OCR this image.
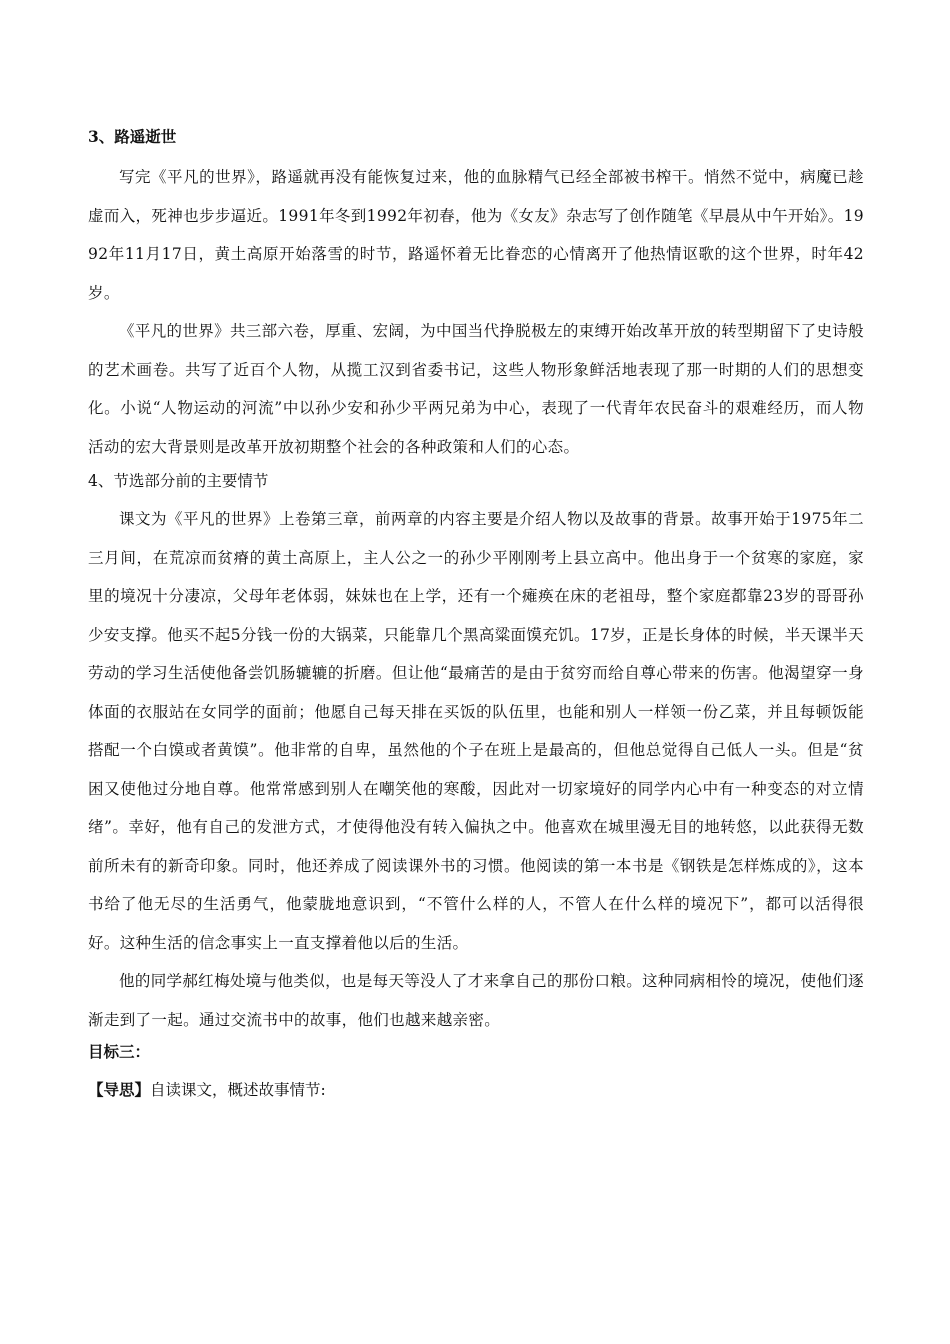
3、路遥逝世

写完《平凡的世界》，路遥就再没有能恢复过来，他的血脉精气已经全部被书榨干。悄然不觉中，病魔已趁虚而入，死神也步步逼近。1991年冬到1992年初春，他为《女友》杂志写了创作随笔《早晨从中午开始》。1992年11月17日，黄土高原开始落雪的时节，路遥怀着无比眷恋的心情离开了他热情讴歌的这个世界，时年42岁。

《平凡的世界》共三部六卷，厚重、宏阔，为中国当代挣脱极左的束缚开始改革开放的转型期留下了史诗般的艺术画卷。共写了近百个人物，从揽工汉到省委书记，这些人物形象鲜活地表现了那一时期的人们的思想变化。小说“人物运动的河流”中以孙少安和孙少平两兄弟为中心，表现了一代青年农民奋斗的艰难经历，而人物活动的宏大背景则是改革开放初期整个社会的各种政策和人们的心态。

4、节选部分前的主要情节

课文为《平凡的世界》上卷第三章，前两章的内容主要是介绍人物以及故事的背景。故事开始于1975年二三月间，在荒凉而贫瘠的黄土高原上，主人公之一的孙少平刚刚考上县立高中。他出身于一个贫寒的家庭，家里的境况十分凄凉，父母年老体弱，妹妹也在上学，还有一个瘫痪在床的老祖母，整个家庭都靠23岁的哥哥孙少安支撑。他买不起5分钱一份的大锅菜，只能靠几个黑高粱面馍充饥。17岁，正是长身体的时候，半天课半天劳动的学习生活使他备尝饥肠辘辘的折磨。但让他“最痛苦的是由于贫穷而给自尊心带来的伤害。他渴望穿一身体面的衣服站在女同学的面前；他愿自己每天排在买饭的队伍里，也能和别人一样领一份乙菜，并且每顿饭能搭配一个白馍或者黄馍”。他非常的自卑，虽然他的个子在班上是最高的，但他总觉得自己低人一头。但是“贫困又使他过分地自尊。他常常感到别人在嘲笑他的寒酸，因此对一切家境好的同学内心中有一种变态的对立情绪”。幸好，他有自己的发泄方式，才使得他没有转入偏执之中。他喜欢在城里漫无目的地转悠，以此获得无数前所未有的新奇印象。同时，他还养成了阅读课外书的习惯。他阅读的第一本书是《钢铁是怎样炼成的》，这本书给了他无尽的生活勇气，他蒙胧地意识到，“不管什么样的人，不管人在什么样的境况下”，都可以活得很好。这种生活的信念事实上一直支撑着他以后的生活。

他的同学郝红梅处境与他类似，也是每天等没人了才来拿自己的那份口粮。这种同病相怜的境况，使他们逐渐走到了一起。通过交流书中的故事，他们也越来越亲密。

目标三：

【导思】自读课文，概述故事情节:
